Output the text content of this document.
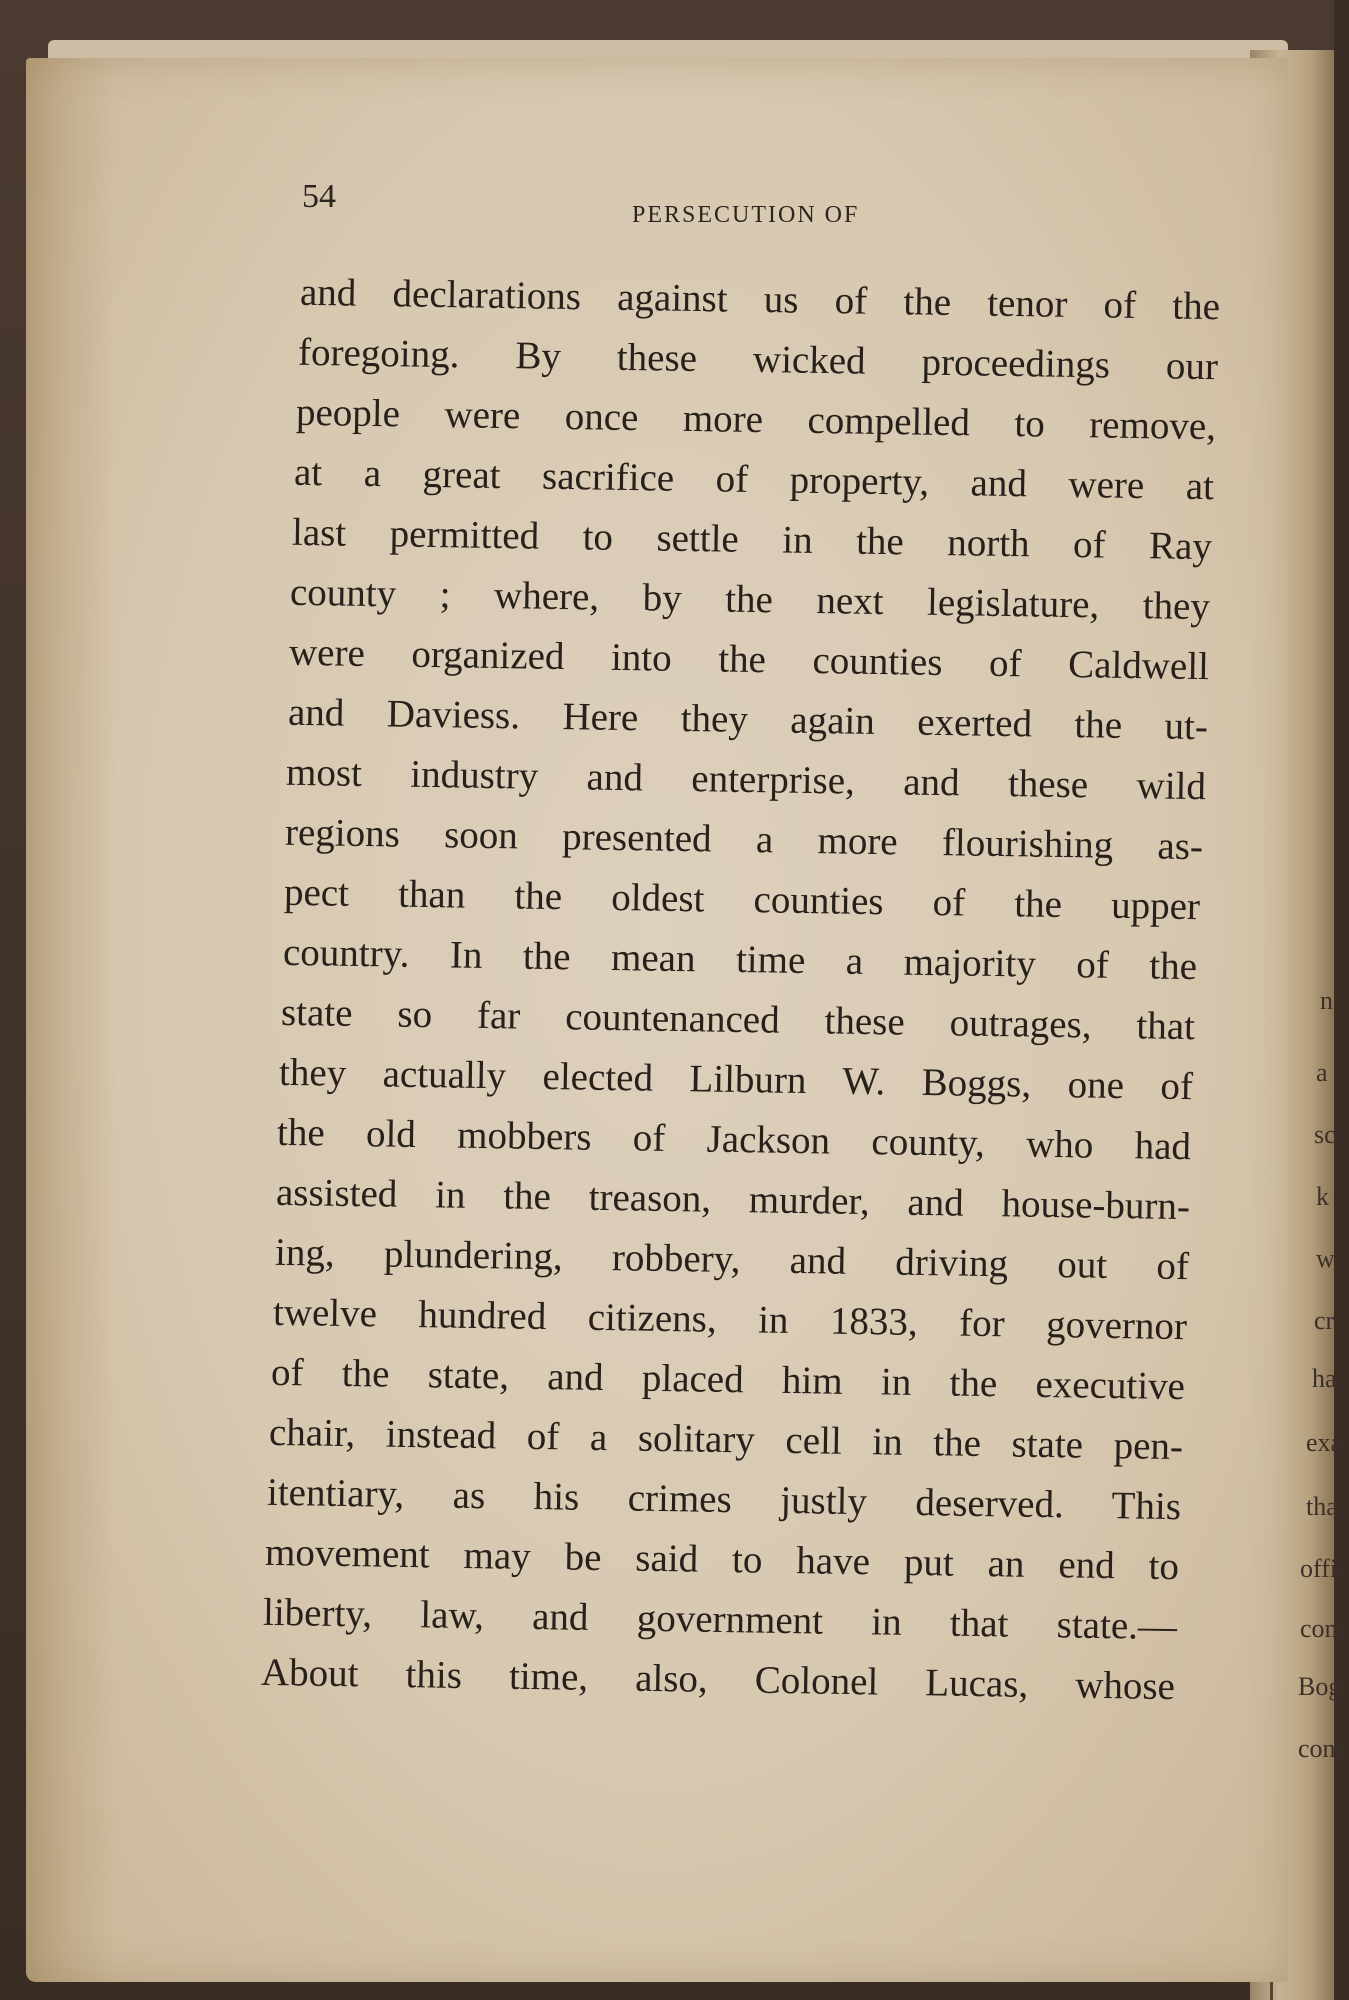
54	PERSECUTION OF
and declarations against us of the tenor of the
foregoing. By these wicked proceedings our
people were once more compelled to remove,
at a great sacrifice of property, and were at
last permitted to settle in the north of Ray
county ; where, by the next legislature, they
were organized into the counties of Caldwell
and Daviess. Here they again exerted the ut-
most industry and enterprise, and these wild
regions soon presented a more flourishing as-
pect than the oldest counties of the upper
country. In the mean time a majority of the
state so far countenanced these outrages, that
they actually elected Lilburn W. Boggs, one of
the old mobbers of Jackson county, who had
assisted in the treason, murder, and house-burn-
ing, plundering, robbery, and driving out of
twelve hundred citizens, in 1833, for governor
of the state, and placed him in the executive
chair, instead of a solitary cell in the state pen-
itentiary, as his crimes justly deserved. This
movement may be said to have put an end to
liberty, law, and government in that state.—
About this time, also, Colonel Lucas, whose
n
a
sc
k
w
cr
ha
exa
tha
offic
com
Bog
cons
